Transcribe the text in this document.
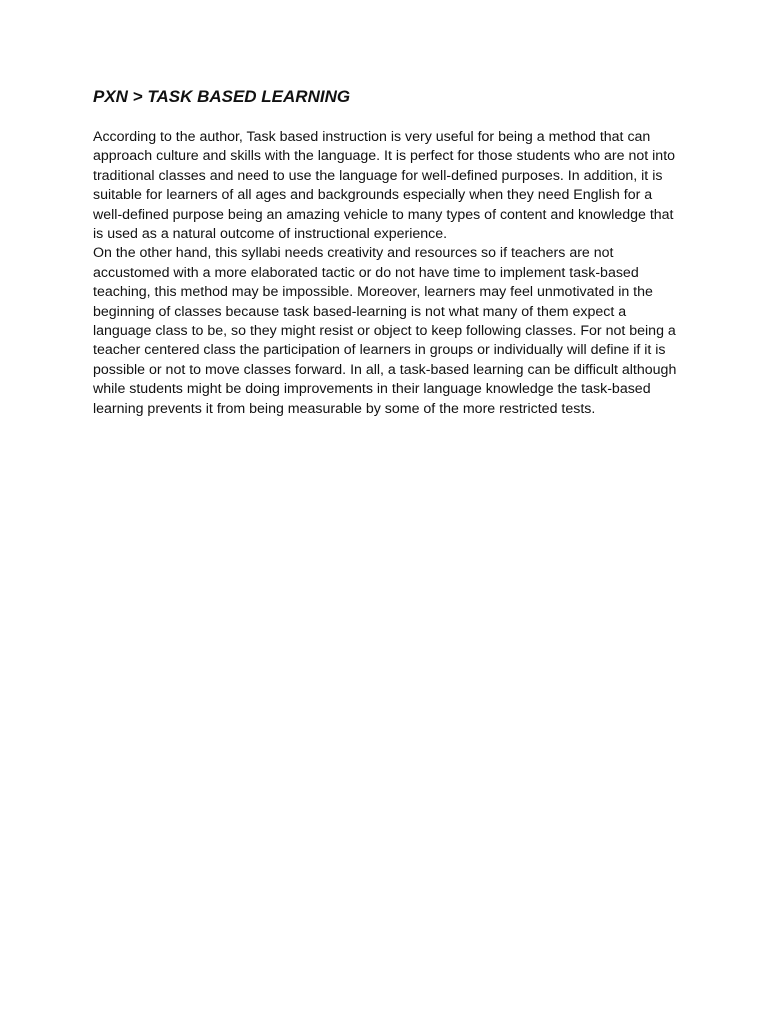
PXN > TASK BASED LEARNING

According to the author, Task based instruction is very useful for being a method that can approach culture and skills with the language. It is perfect for those students who are not into traditional classes and need to use the language for well-defined purposes. In addition, it is suitable for learners of all ages and backgrounds especially when they need English for a well-defined purpose being an amazing vehicle to many types of content and knowledge that is used as a natural outcome of instructional experience.

On the other hand, this syllabi needs creativity and resources so if teachers are not accustomed with a more elaborated tactic or do not have time to implement task-based teaching, this method may be impossible. Moreover, learners may feel unmotivated in the beginning of classes because task based-learning is not what many of them expect a language class to be, so they might resist or object to keep following classes. For not being a teacher centered class the participation of learners in groups or individually will define if it is possible or not to move classes forward. In all, a task-based learning can be difficult although while students might be doing improvements in their language knowledge the task-based learning prevents it from being measurable by some of the more restricted tests.
